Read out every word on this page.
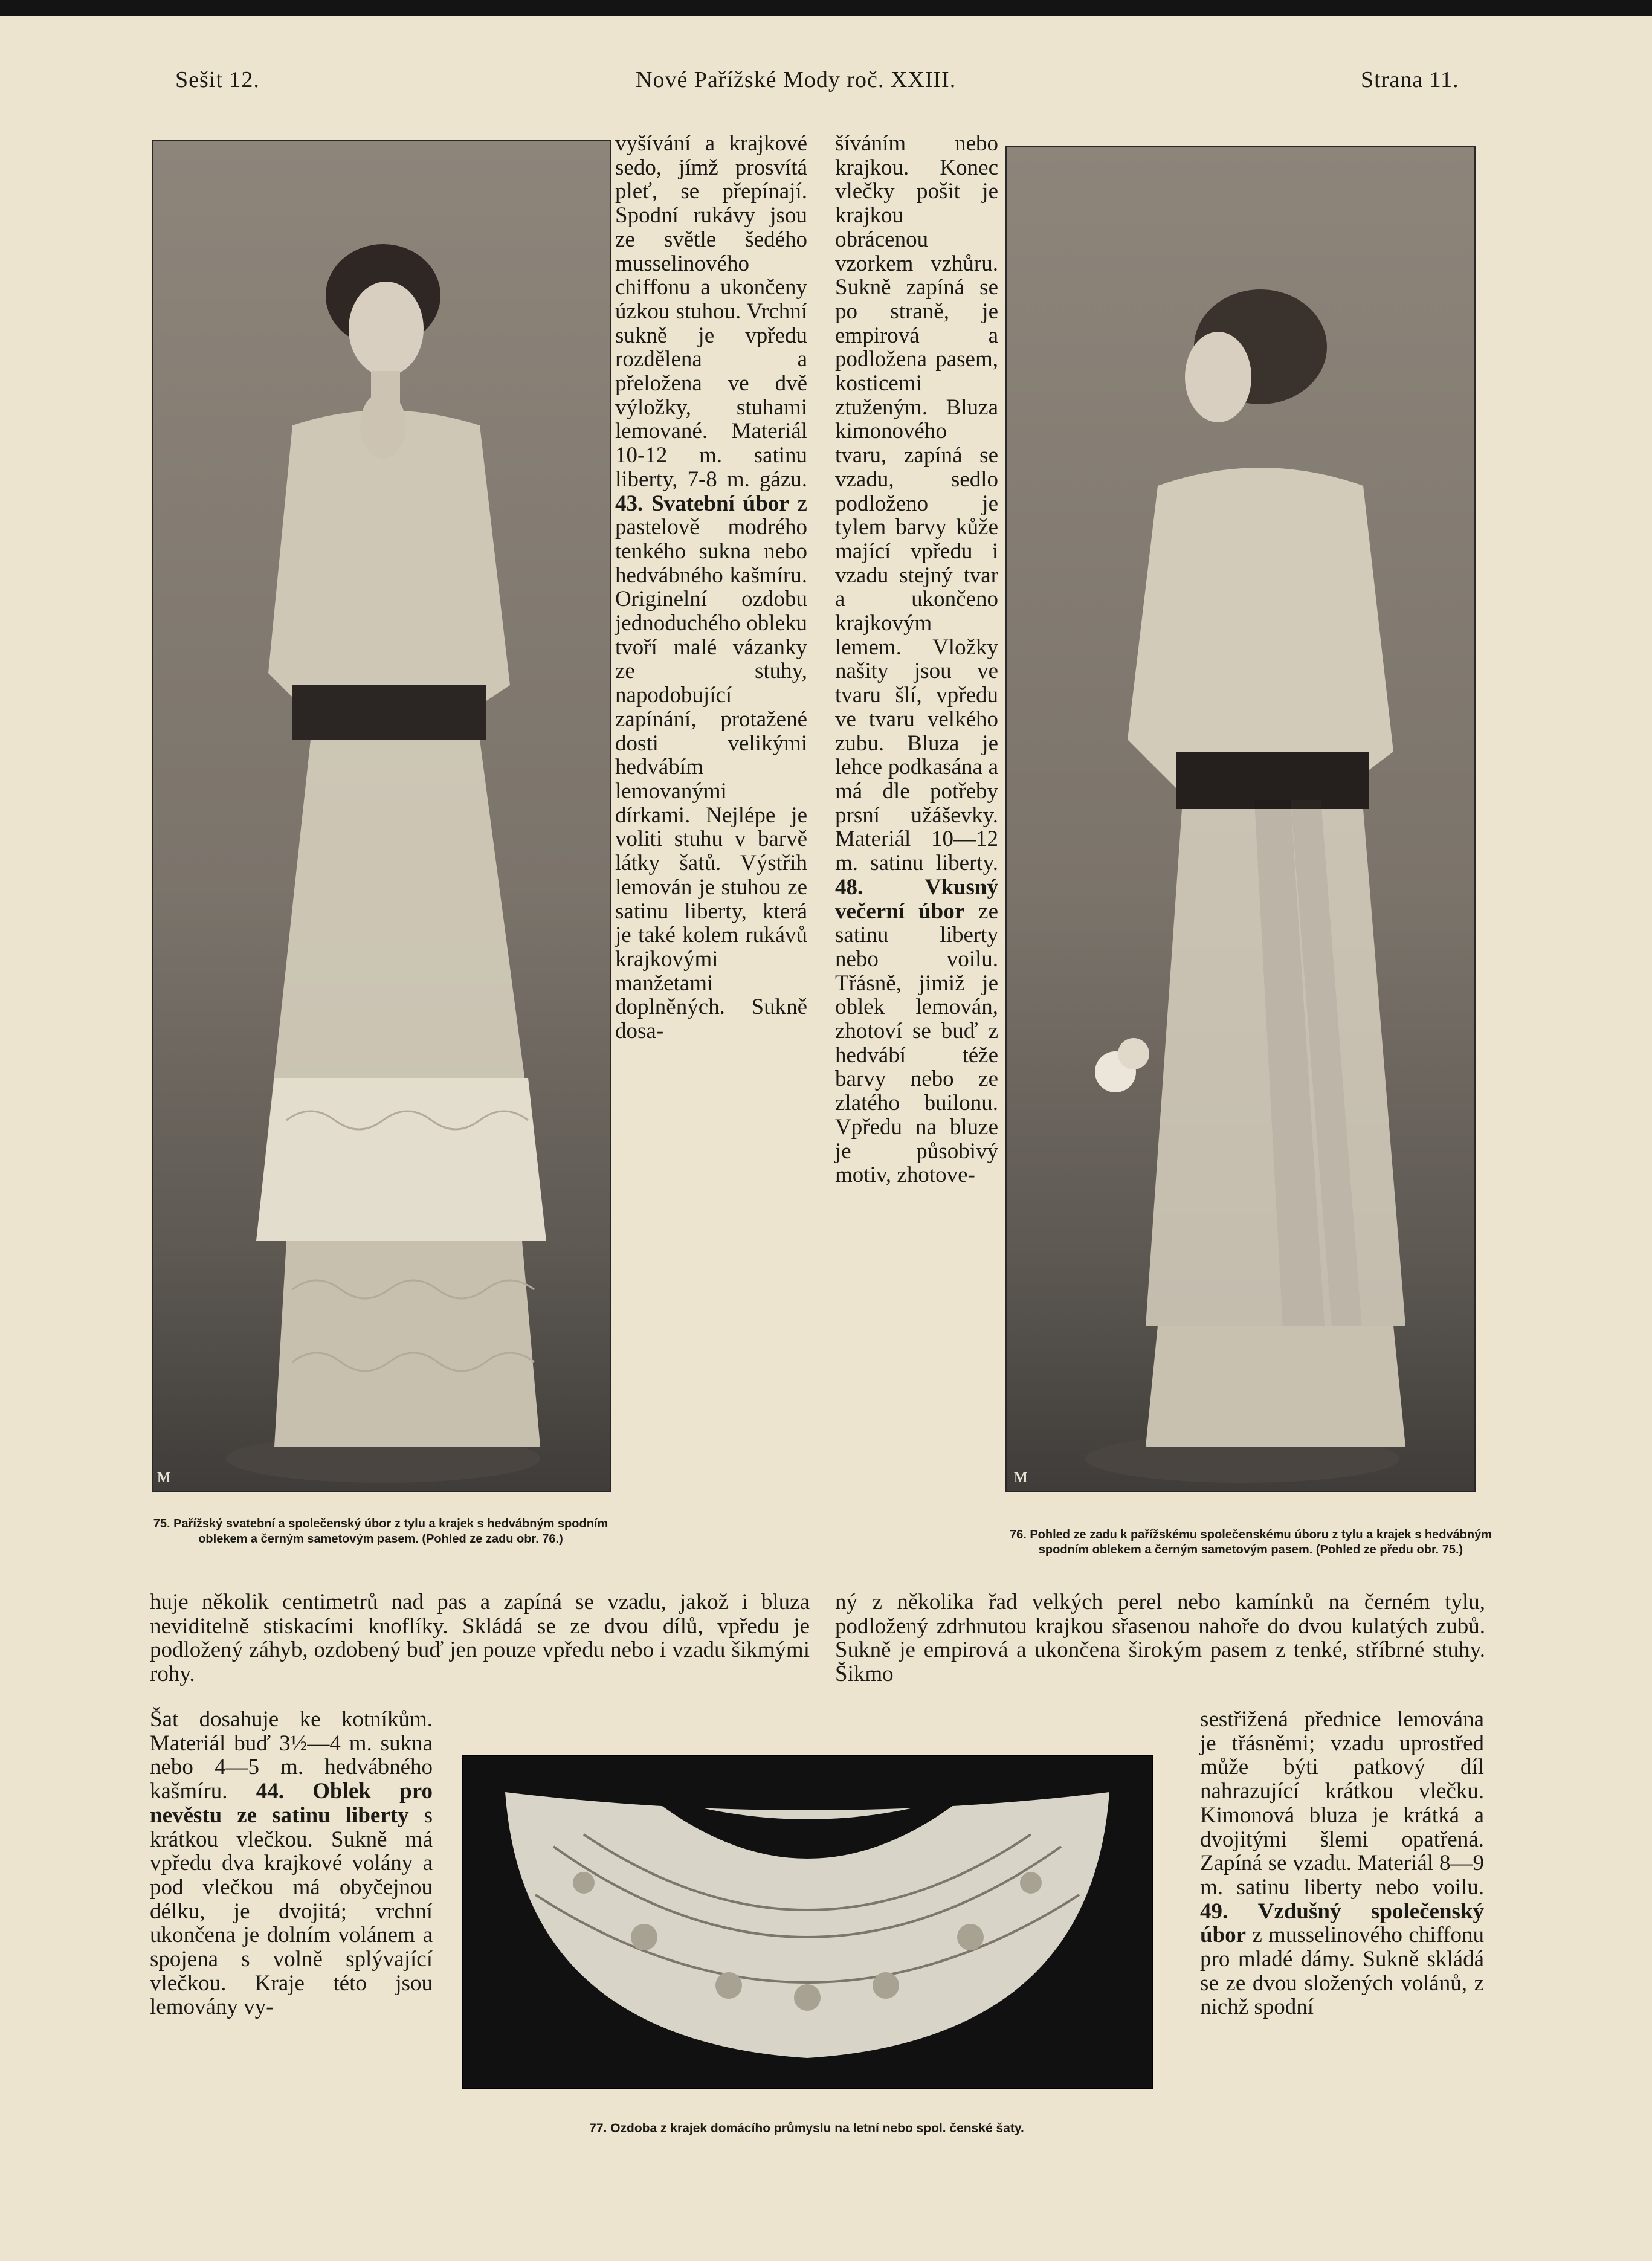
Sešit 12.	Nové Pařížské Mody roč. XXIII.	Strana 11.
M
75. Pařížský svatební a společenský úbor z tylu a krajek s hedvábným spodním oblekem a černým sametovým pasem. (Pohled ze zadu obr. 76.)
M
76. Pohled ze zadu k pařížskému společenskému úboru z tylu a krajek s hedvábným spodním oblekem a černým sametovým pasem. (Pohled ze předu obr. 75.)

vyšívání a krajkové sedo, jímž prosvítá pleť, se přepínají. Spodní rukávy jsou ze světle šedého musselinového chiffonu a ukončeny úzkou stuhou. Vrchní sukně je vpředu rozdělena a přeložena ve dvě výložky, stuhami lemované. Materiál 10-12 m. satinu liberty, 7-8 m. gázu. 43. Svatební úbor z pastelově modrého tenkého sukna nebo hedvábného kašmíru. Originelní ozdobu jednoduchého obleku tvoří malé vázanky ze stuhy, napodobující zapínání, protažené dosti velikými hedvábím lemovanými dírkami. Nejlépe je voliti stuhu v barvě látky šatů. Výstřih lemován je stuhou ze satinu liberty, která je také kolem rukávů krajkovými manžetami doplněných. Sukně dosa-

šíváním nebo krajkou. Konec vlečky pošit je krajkou obrácenou vzorkem vzhůru. Sukně zapíná se po straně, je empirová a podložena pasem, kosticemi ztuženým. Bluza kimonového tvaru, zapíná se vzadu, sedlo podloženo je tylem barvy kůže mající vpředu i vzadu stejný tvar a ukončeno krajkovým lemem. Vložky našity jsou ve tvaru šlí, vpředu ve tvaru velkého zubu. Bluza je lehce podkasána a má dle potřeby prsní užáševky. Materiál 10—12 m. satinu liberty. 48.	Vkusný večerní úbor ze satinu liberty nebo voilu. Třásně, jimiž je oblek lemován, zhotoví se buď z hedvábí téže barvy nebo ze zlatého builonu. Vpředu na bluze je působivý motiv, zhotove-

huje několik centimetrů nad pas a zapíná se vzadu, jakož i bluza neviditelně stiskacími knoflíky. Skládá se ze dvou dílů, vpředu je podložený záhyb, ozdobený buď jen pouze vpředu nebo i vzadu šikmými rohy.
ný z několika řad velkých perel nebo kamínků na černém tylu, podložený zdrhnutou krajkou sřasenou nahoře do dvou kulatých zubů. Sukně je empirová a ukončena širokým pasem z tenké, stříbrné stuhy. Šikmo

Šat dosahuje ke kotníkům. Materiál buď 3½—4 m. sukna nebo 4—5 m. hedvábného kašmíru. 44. Oblek pro nevěstu ze satinu liberty s krátkou vlečkou. Sukně má vpředu dva krajkové volány a pod vlečkou má obyčejnou délku, je dvojitá; vrchní ukončena je dolním volánem a spojena s volně splývající vlečkou. Kraje této jsou lemovány vy-

77. Ozdoba z krajek domácího průmyslu na letní nebo spol. čenské šaty.

sestřižená přednice lemována je třásněmi; vzadu uprostřed může býti patkový díl nahrazující krátkou vlečku. Kimonová bluza je krátká a dvojitými šlemi opatřená. Zapíná se vzadu. Materiál 8—9 m. satinu liberty nebo voilu. 49. Vzdušný společenský úbor z musselinového chiffonu pro mladé dámy. Sukně skládá se ze dvou složených volánů, z nichž spodní
